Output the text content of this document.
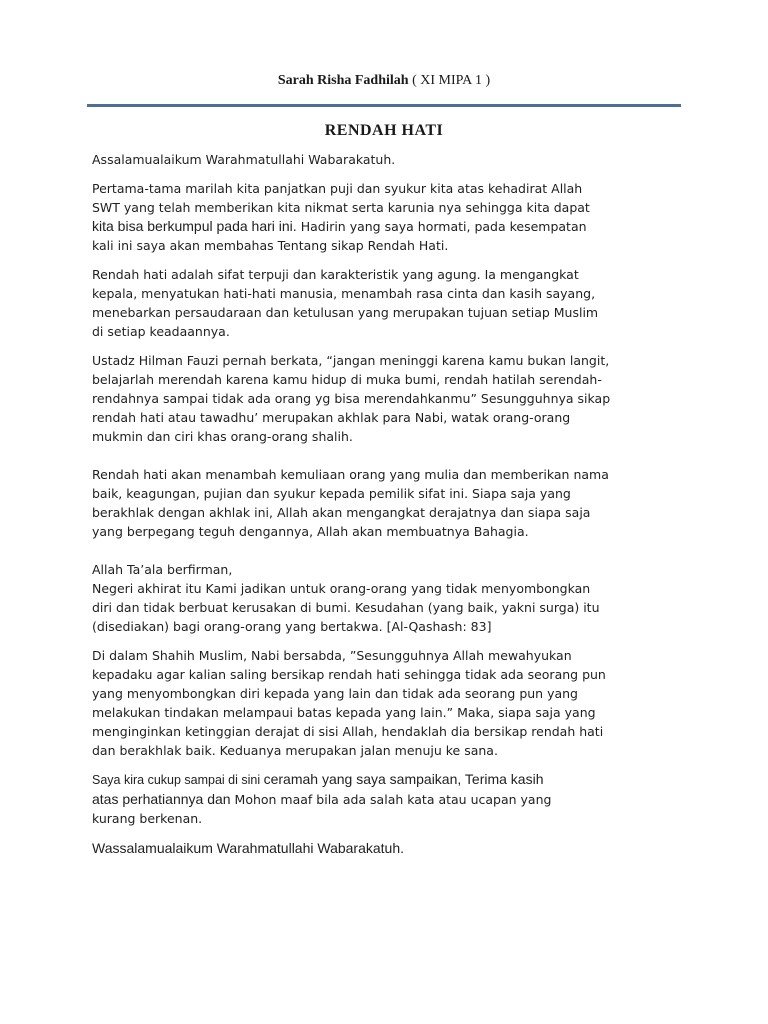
Sarah Risha Fadhilah ( XI MIPA 1 )
RENDAH HATI

Assalamualaikum Warahmatullahi Wabarakatuh.

Pertama-tama marilah kita panjatkan puji dan syukur kita atas kehadirat Allah
SWT yang telah memberikan kita nikmat serta karunia nya sehingga kita dapat
kita bisa berkumpul pada hari ini. Hadirin yang saya hormati, pada kesempatan
kali ini saya akan membahas Tentang sikap Rendah Hati.

Rendah hati adalah sifat terpuji dan karakteristik yang agung. Ia mengangkat
kepala, menyatukan hati-hati manusia, menambah rasa cinta dan kasih sayang,
menebarkan persaudaraan dan ketulusan yang merupakan tujuan setiap Muslim
di setiap keadaannya.

Ustadz Hilman Fauzi pernah berkata, “jangan meninggi karena kamu bukan langit,
belajarlah merendah karena kamu hidup di muka bumi, rendah hatilah serendah-
rendahnya sampai tidak ada orang yg bisa merendahkanmu” Sesungguhnya sikap
rendah hati atau tawadhu’ merupakan akhlak para Nabi, watak orang-orang
mukmin dan ciri khas orang-orang shalih.

Rendah hati akan menambah kemuliaan orang yang mulia dan memberikan nama
baik, keagungan, pujian dan syukur kepada pemilik sifat ini. Siapa saja yang
berakhlak dengan akhlak ini, Allah akan mengangkat derajatnya dan siapa saja
yang berpegang teguh dengannya, Allah akan membuatnya Bahagia.

Allah Ta’ala berfirman,
Negeri akhirat itu Kami jadikan untuk orang-orang yang tidak menyombongkan
diri dan tidak berbuat kerusakan di bumi. Kesudahan (yang baik, yakni surga) itu
(disediakan) bagi orang-orang yang bertakwa. [Al-Qashash: 83]

Di dalam Shahih Muslim, Nabi bersabda, ”Sesungguhnya Allah mewahyukan
kepadaku agar kalian saling bersikap rendah hati sehingga tidak ada seorang pun
yang menyombongkan diri kepada yang lain dan tidak ada seorang pun yang
melakukan tindakan melampaui batas kepada yang lain.” Maka, siapa saja yang
menginginkan ketinggian derajat di sisi Allah, hendaklah dia bersikap rendah hati
dan berakhlak baik. Keduanya merupakan jalan menuju ke sana.

Saya kira cukup sampai di sini ceramah yang saya sampaikan, Terima kasih
atas perhatiannya dan Mohon maaf bila ada salah kata atau ucapan yang
kurang berkenan.

Wassalamualaikum Warahmatullahi Wabarakatuh.
